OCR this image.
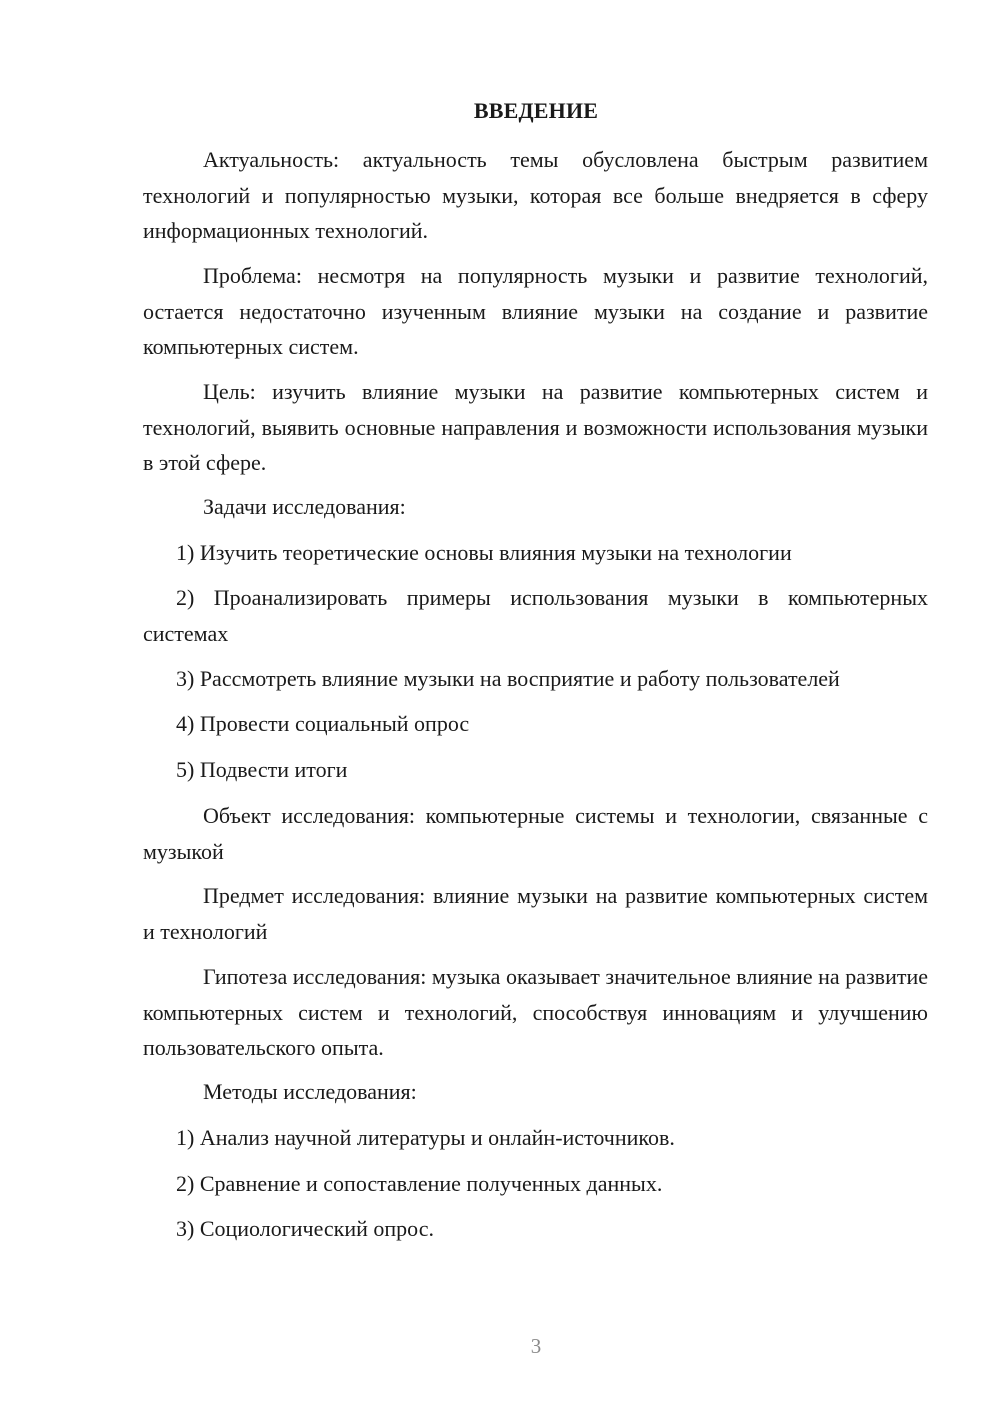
ВВЕДЕНИЕ
Актуальность: актуальность темы обусловлена быстрым развитием технологий и популярностью музыки, которая все больше внедряется в сферу информационных технологий.
Проблема: несмотря на популярность музыки и развитие технологий, остается недостаточно изученным влияние музыки на создание и развитие компьютерных систем.
Цель: изучить влияние музыки на развитие компьютерных систем и технологий, выявить основные направления и возможности использования музыки в этой сфере.
Задачи исследования:
1) Изучить теоретические основы влияния музыки на технологии
2) Проанализировать примеры использования музыки в компьютерных системах
3) Рассмотреть влияние музыки на восприятие и работу пользователей
4) Провести социальный опрос
5) Подвести итоги
Объект исследования: компьютерные системы и технологии, связанные с музыкой
Предмет исследования: влияние музыки на развитие компьютерных систем и технологий
Гипотеза исследования: музыка оказывает значительное влияние на развитие компьютерных систем и технологий, способствуя инновациям и улучшению пользовательского опыта.
Методы исследования:
1) Анализ научной литературы и онлайн-источников.
2) Сравнение и сопоставление полученных данных.
3) Социологический опрос.
3
